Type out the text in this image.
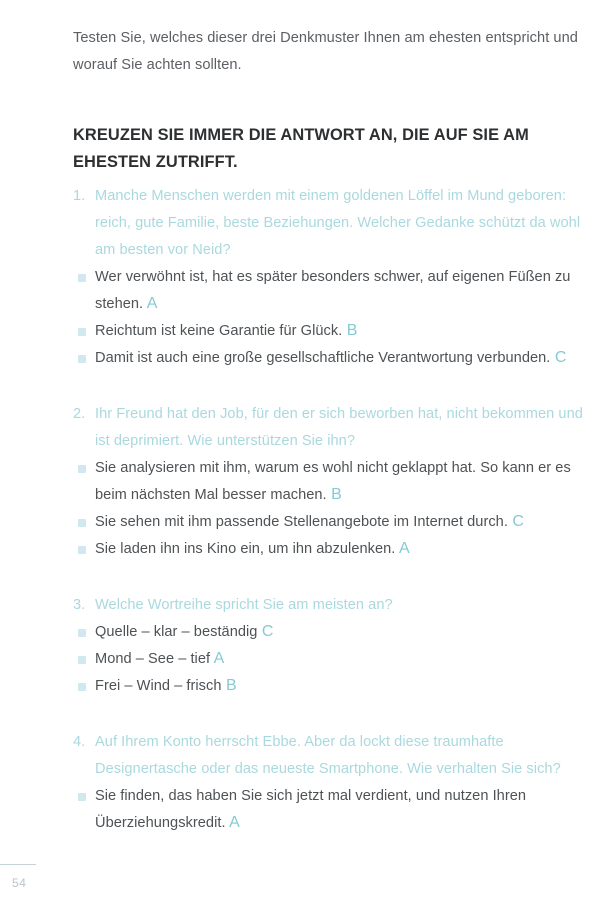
Testen Sie, welches dieser drei Denkmuster Ihnen am ehesten entspricht und worauf Sie achten sollten.

KREUZEN SIE IMMER DIE ANTWORT AN, DIE AUF SIE AM EHESTEN ZUTRIFFT.
1. Manche Menschen werden mit einem goldenen Löffel im Mund geboren: reich, gute Familie, beste Beziehungen. Welcher Gedanke schützt da wohl am besten vor Neid?
Wer verwöhnt ist, hat es später besonders schwer, auf eigenen Füßen zu stehen. A
Reichtum ist keine Garantie für Glück. B
Damit ist auch eine große gesellschaftliche Verantwortung verbunden. C
2. Ihr Freund hat den Job, für den er sich beworben hat, nicht bekommen und ist deprimiert. Wie unterstützen Sie ihn?
Sie analysieren mit ihm, warum es wohl nicht geklappt hat. So kann er es beim nächsten Mal besser machen. B
Sie sehen mit ihm passende Stellenangebote im Internet durch. C
Sie laden ihn ins Kino ein, um ihn abzulenken. A
3. Welche Wortreihe spricht Sie am meisten an?
Quelle – klar – beständig C
Mond – See – tief A
Frei – Wind – frisch B
4. Auf Ihrem Konto herrscht Ebbe. Aber da lockt diese traumhafte Designertasche oder das neueste Smartphone. Wie verhalten Sie sich?
Sie finden, das haben Sie sich jetzt mal verdient, und nutzen Ihren Überziehungskredit. A
54
